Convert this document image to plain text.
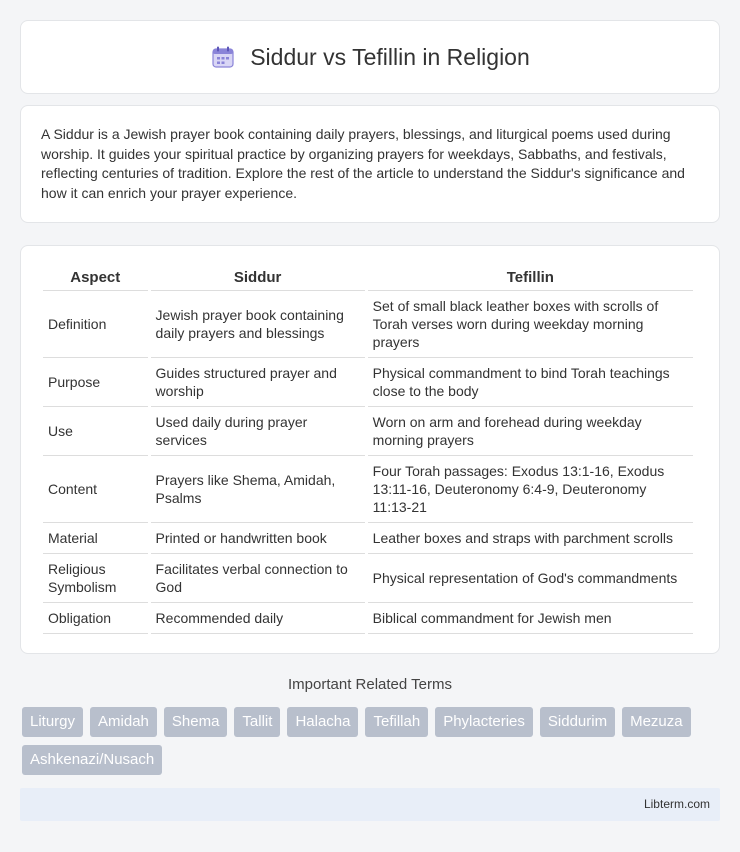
Siddur vs Tefillin in Religion

A Siddur is a Jewish prayer book containing daily prayers, blessings, and liturgical poems used during worship. It guides your spiritual practice by organizing prayers for weekdays, Sabbaths, and festivals, reflecting centuries of tradition. Explore the rest of the article to understand the Siddur's significance and how it can enrich your prayer experience.

Aspect	Siddur	Tefillin
Definition	Jewish prayer book containing daily prayers and blessings	Set of small black leather boxes with scrolls of Torah verses worn during weekday morning prayers
Purpose	Guides structured prayer and worship	Physical commandment to bind Torah teachings close to the body
Use	Used daily during prayer services	Worn on arm and forehead during weekday morning prayers
Content	Prayers like Shema, Amidah, Psalms	Four Torah passages: Exodus 13:1-16, Exodus 13:11-16, Deuteronomy 6:4-9, Deuteronomy 11:13-21
Material	Printed or handwritten book	Leather boxes and straps with parchment scrolls
Religious Symbolism	Facilitates verbal connection to God	Physical representation of God's commandments
Obligation	Recommended daily	Biblical commandment for Jewish men
Important Related Terms
Liturgy	Amidah	Shema	Tallit	Halacha	Tefillah	Phylacteries	Siddurim	Mezuza
Ashkenazi/Nusach
Libterm.com
